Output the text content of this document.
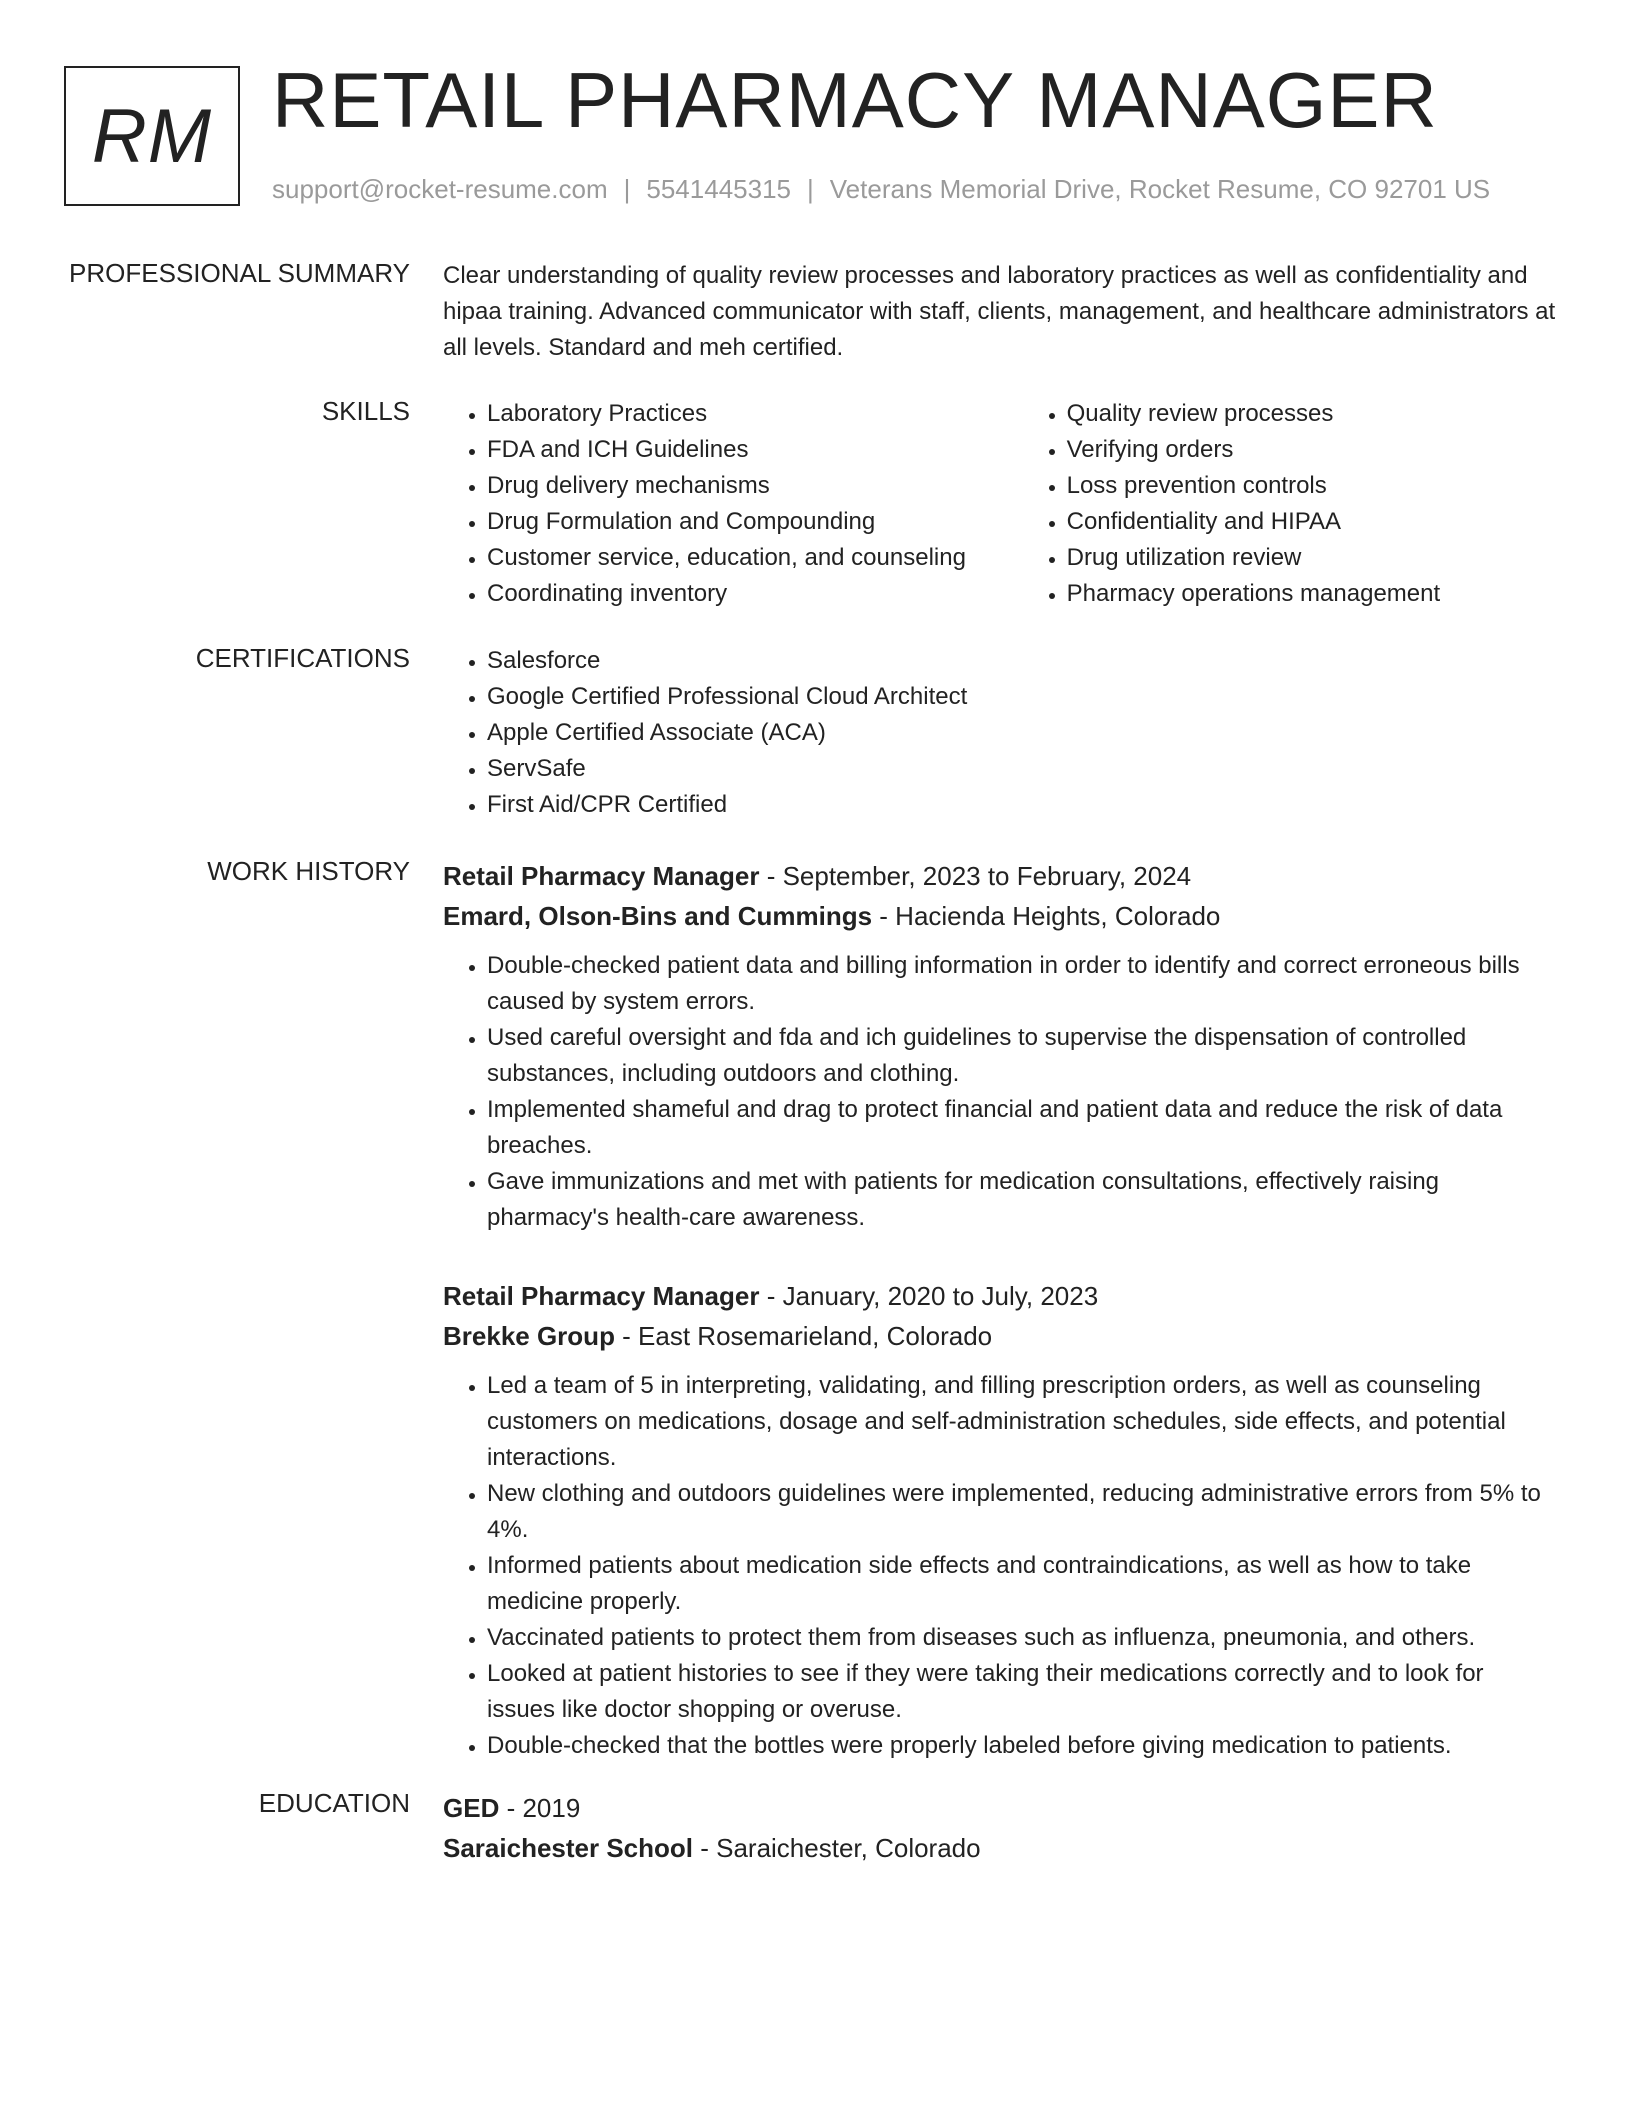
RM RETAIL PHARMACY MANAGER
support@rocket-resume.com | 5541445315 | Veterans Memorial Drive, Rocket Resume, CO 92701 US
PROFESSIONAL SUMMARY Clear understanding of quality review processes and laboratory practices as well as confidentiality and hipaa training. Advanced communicator with staff, clients, management, and healthcare administrators at all levels. Standard and meh certified.
SKILLS	• Laboratory Practices
• FDA and ICH Guidelines
• Drug delivery mechanisms
• Drug Formulation and Compounding
• Customer service, education, and counseling
• Coordinating inventory
• Quality review processes
• Verifying orders
• Loss prevention controls
• Confidentiality and HIPAA
• Drug utilization review
• Pharmacy operations management
CERTIFICATIONS	• Salesforce
• Google Certified Professional Cloud Architect
• Apple Certified Associate (ACA)
• ServSafe
• First Aid/CPR Certified
WORK HISTORY Retail Pharmacy Manager - September, 2023 to February, 2024
Emard, Olson-Bins and Cummings - Hacienda Heights, Colorado
• Double-checked patient data and billing information in order to identify and correct erroneous bills caused by system errors.
• Used careful oversight and fda and ich guidelines to supervise the dispensation of controlled substances, including outdoors and clothing.
• Implemented shameful and drag to protect financial and patient data and reduce the risk of data breaches.
• Gave immunizations and met with patients for medication consultations, effectively raising pharmacy's health-care awareness.
Retail Pharmacy Manager - January, 2020 to July, 2023
Brekke Group - East Rosemarieland, Colorado
• Led a team of 5 in interpreting, validating, and filling prescription orders, as well as counseling customers on medications, dosage and self-administration schedules, side effects, and potential interactions.
• New clothing and outdoors guidelines were implemented, reducing administrative errors from 5% to 4%.
• Informed patients about medication side effects and contraindications, as well as how to take medicine properly.
• Vaccinated patients to protect them from diseases such as influenza, pneumonia, and others.
• Looked at patient histories to see if they were taking their medications correctly and to look for issues like doctor shopping or overuse.
• Double-checked that the bottles were properly labeled before giving medication to patients.
EDUCATION GED - 2019
Saraichester School - Saraichester, Colorado
